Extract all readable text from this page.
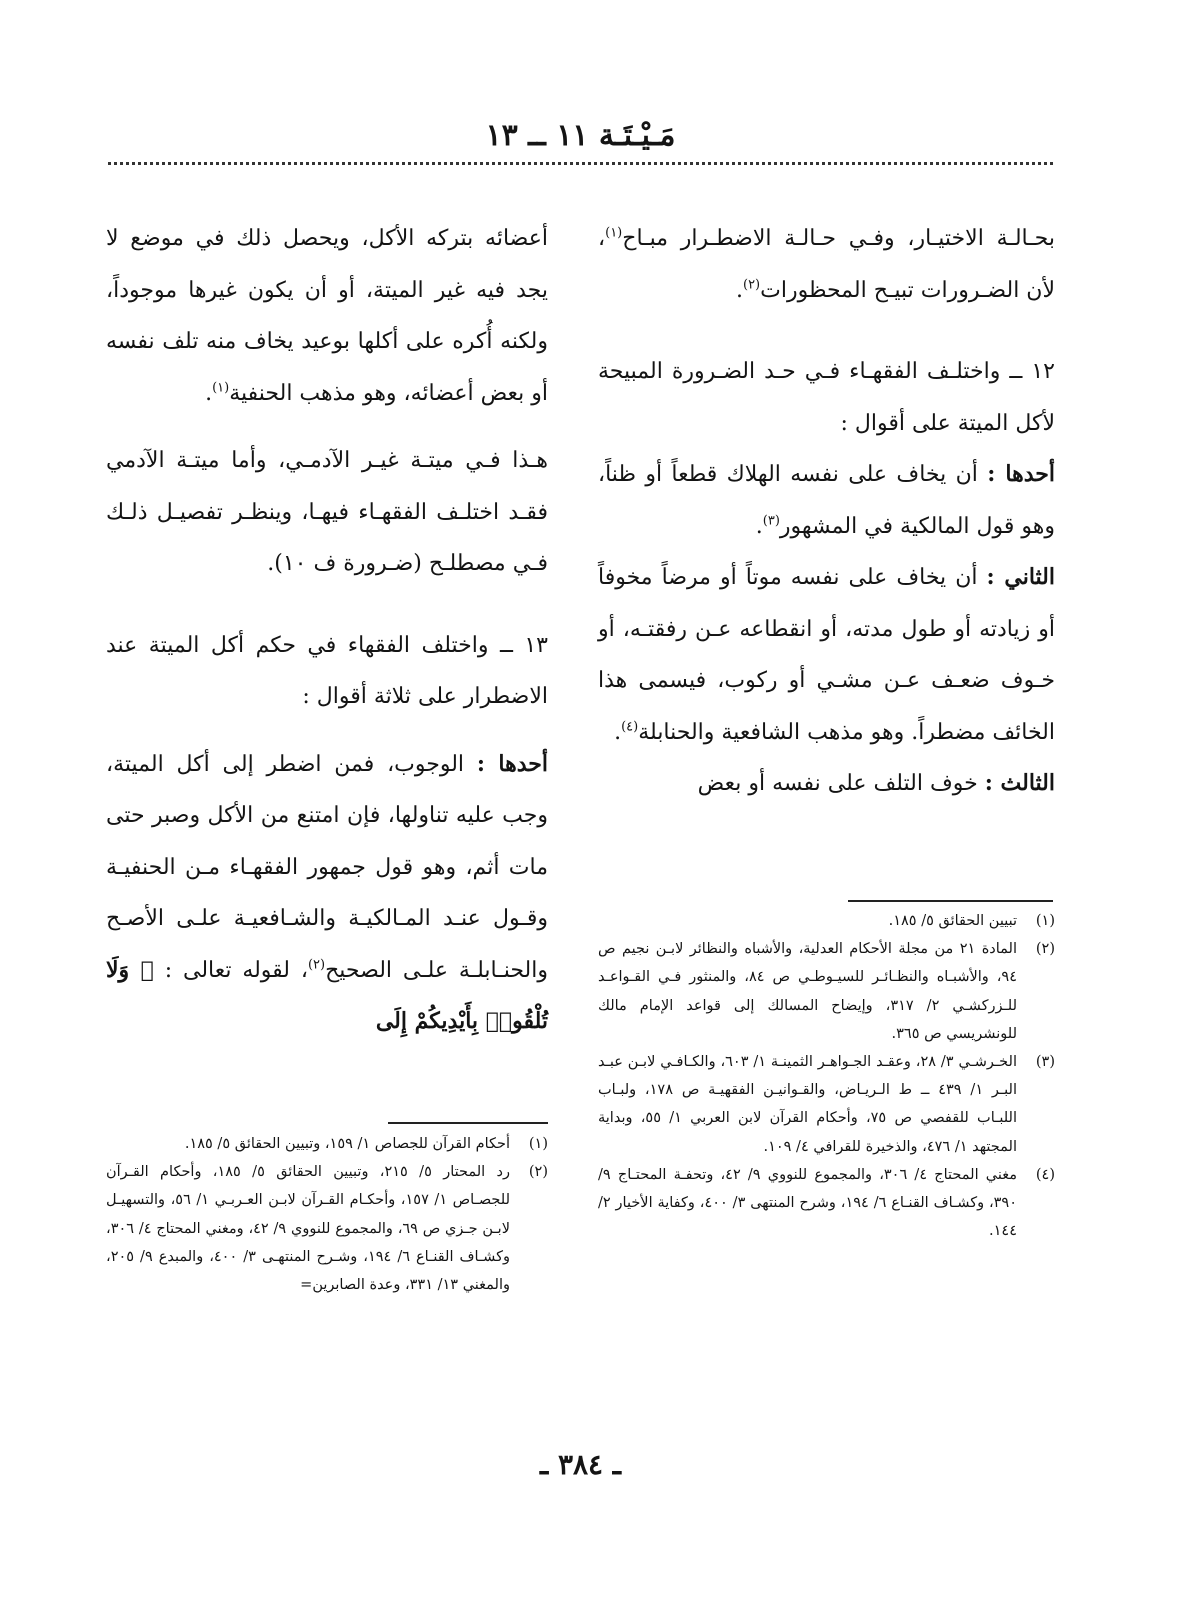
مَـيْـتَـة ١١ ــ ١٣

بحـالـة الاختيـار، وفـي حـالـة الاضطـرار مبـاح$^{(١)}$، لأن الضـرورات تبيـح المحظورات$^{(٢)}$.

١٢ ــ واختلـف الفقهـاء فـي حـد الضـرورة المبيحة لأكل الميتة على أقوال :

أحدها : أن يخاف على نفسه الهلاك قطعاً أو ظناً، وهو قول المالكية في المشهور$^{(٣)}$.

الثاني : أن يخاف على نفسه موتاً أو مرضاً مخوفاً أو زيادته أو طول مدته، أو انقطاعه عـن رفقتـه، أو خـوف ضعـف عـن مشـي أو ركوب، فيسمى هذا الخائف مضطراً. وهو مذهب الشافعية والحنابلة$^{(٤)}$.

الثالث : خوف التلف على نفسه أو بعض

أعضائه بتركه الأكل، ويحصل ذلك في موضع لا يجد فيه غير الميتة، أو أن يكون غيرها موجوداً، ولكنه أُكره على أكلها بوعيد يخاف منه تلف نفسه أو بعض أعضائه، وهو مذهب الحنفية$^{(١)}$.

هـذا فـي ميتـة غيـر الآدمـي، وأما ميتـة الآدمي فقـد اختلـف الفقهـاء فيهـا، وينظـر تفصيـل ذلـك فـي مصطلـح (ضـرورة ف ١٠).

١٣ ــ واختلف الفقهاء في حكم أكل الميتة عند الاضطرار على ثلاثة أقوال :

أحدها : الوجوب، فمن اضطر إلى أكل الميتة، وجب عليه تناولها، فإن امتنع من الأكل وصبر حتى مات أثم، وهو قول جمهور الفقهـاء مـن الحنفيـة وقـول عنـد المـالكيـة والشـافعيـة علـى الأصـح والحنـابلـة علـى الصحيح$^{(٢)}$، لقوله تعالى : ﴿ وَلَا تُلْقُوا۟ بِأَيْدِيكُمْ إِلَى

(١)
تبيين الحقائق ٥/ ١٨٥.
(٢)
المادة ٢١ من مجلة الأحكام العدلية، والأشباه والنظائر لابـن نجيم ص ٩٤، والأشبـاه والنظـائـر للسيـوطـي ص ٨٤، والمنثور فـي القـواعـد للـزركشـي ٢/ ٣١٧، وإيضاح المسالك إلى قواعد الإمام مالك للونشريسي ص ٣٦٥.
(٣)
الخـرشـي ٣/ ٢٨، وعقـد الجـواهـر الثمينـة ١/ ٦٠٣، والكـافـي لابـن عبـد البـر ١/ ٤٣٩ ــ ط الـريـاض، والقـوانيـن الفقهيـة ص ١٧٨، ولبـاب اللبـاب للقفصي ص ٧٥، وأحكام القرآن لابن العربي ١/ ٥٥، وبداية المجتهد ١/ ٤٧٦، والذخيرة للقرافي ٤/ ١٠٩.
(٤)
مغني المحتاج ٤/ ٣٠٦، والمجموع للنووي ٩/ ٤٢، وتحفـة المحتـاج ٩/ ٣٩٠، وكشـاف القنـاع ٦/ ١٩٤، وشرح المنتهى ٣/ ٤٠٠، وكفاية الأخيار ٢/ ١٤٤.
(١)
أحكام القرآن للجصاص ١/ ١٥٩، وتبيين الحقائق ٥/ ١٨٥.
(٢)
رد المحتار ٥/ ٢١٥، وتبيين الحقائق ٥/ ١٨٥، وأحكام القـرآن للجصـاص ١/ ١٥٧، وأحكـام القـرآن لابـن العـربـي ١/ ٥٦، والتسهيـل لابـن جـزي ص ٦٩، والمجموع للنووي ٩/ ٤٢، ومغني المحتاج ٤/ ٣٠٦، وكشـاف القنـاع ٦/ ١٩٤، وشـرح المنتهـى ٣/ ٤٠٠، والمبدع ٩/ ٢٠٥، والمغني ١٣/ ٣٣١، وعدة الصابرين=
ـ ٣٨٤ ـ
